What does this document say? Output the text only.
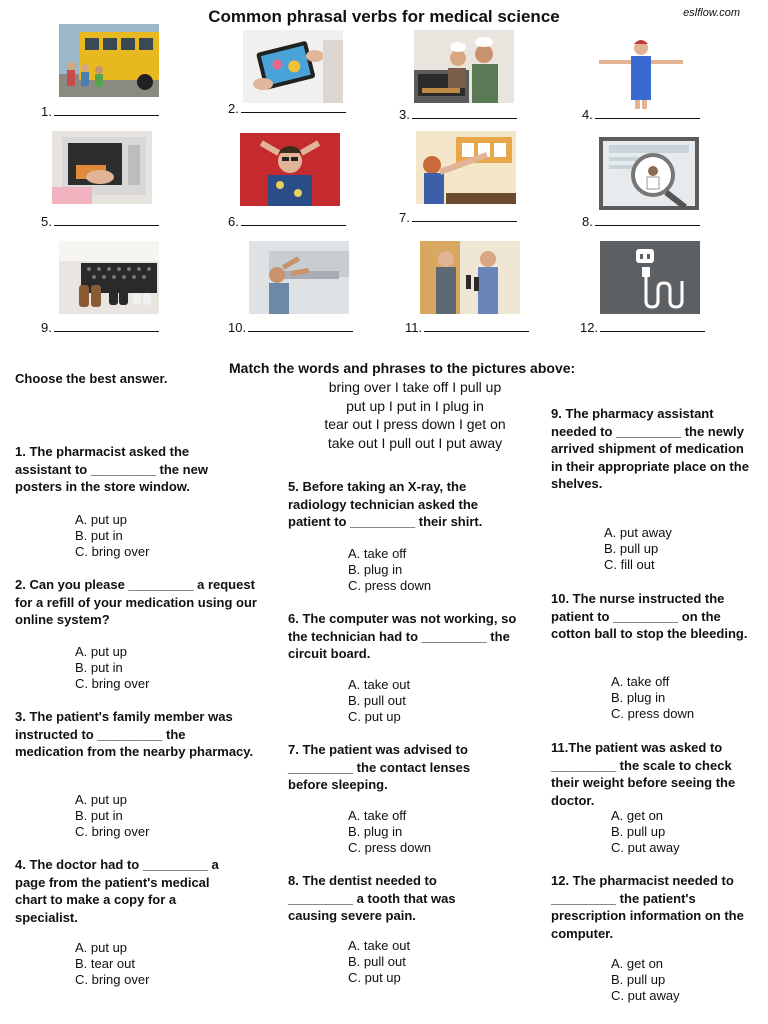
Common phrasal verbs for medical science	eslflow.com
1.	2.	3.	4.
5.	6.	7.	8.
9.	10.	11.	12.
Match the words and phrases to the pictures above:
Choose the best answer.
bring over I take off I pull up
put up I put in I plug in
tear out I press down I get on
take out I pull out I put away
1. The pharmacist asked the assistant to _________ the new posters in the store window.
A. put up
B. put in
C. bring over
2. Can you please _________ a request for a refill of your medication using our online system?
A. put up
B. put in
C. bring over
3. The patient's family member was instructed to _________ the medication from the nearby pharmacy.
A. put up
B. put in
C. bring over
4. The doctor had to _________ a page from the patient's medical chart to make a copy for a specialist.
A. put up
B. tear out
C. bring over
5. Before taking an X-ray, the radiology technician asked the patient to _________ their shirt.
A. take off
B. plug in
C. press down
6. The computer was not working, so the technician had to _________ the circuit board.
A. take out
B. pull out
C. put up
7. The patient was advised to _________ the contact lenses before sleeping.
A. take off
B. plug in
C. press down
8. The dentist needed to _________ a tooth that was causing severe pain.
A. take out
B. pull out
C. put up
9. The pharmacy assistant needed to _________ the newly arrived shipment of medication in their appropriate place on the shelves.
A. put away
B. pull up
C. fill out
10. The nurse instructed the patient to _________ on the cotton ball to stop the bleeding.
A. take off
B. plug in
C. press down
11.The patient was asked to _________ the scale to check their weight before seeing the doctor.
A. get on
B. pull up
C. put away
12. The pharmacist needed to _________ the patient's prescription information on the computer.
A. get on
B. pull up
C. put away
